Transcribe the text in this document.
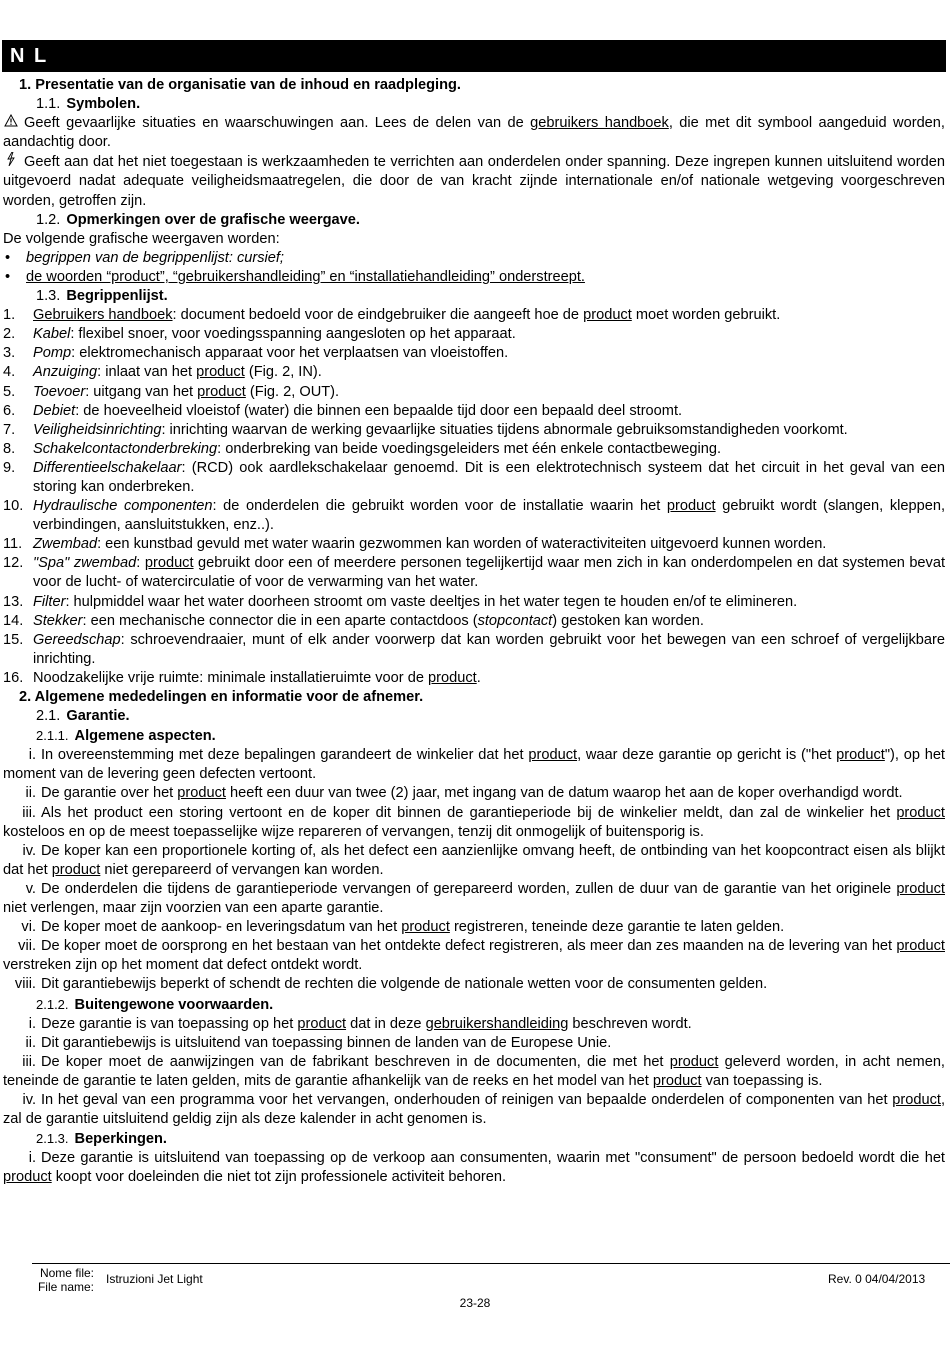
N L

1. Presentatie van de organisatie van de inhoud en raadpleging.

1.1. Symbolen.

Geeft gevaarlijke situaties en waarschuwingen aan. Lees de delen van de gebruikers handboek, die met dit symbool aangeduid worden, aandachtig door.

Geeft aan dat het niet toegestaan is werkzaamheden te verrichten aan onderdelen onder spanning. Deze ingrepen kunnen uitsluitend worden uitgevoerd nadat adequate veiligheidsmaatregelen, die door de van kracht zijnde internationale en/of nationale wetgeving voorgeschreven worden, getroffen zijn.

1.2. Opmerkingen over de grafische weergave.

De volgende grafische weergaven worden:

• begrippen van de begrippenlijst: cursief;

• de woorden “product”, “gebruikershandleiding” en “installatiehandleiding” onderstreept.

1.3. Begrippenlijst.

1.	Gebruikers handboek: document bedoeld voor de eindgebruiker die aangeeft hoe de product moet worden gebruikt.
2.	Kabel: flexibel snoer, voor voedingsspanning aangesloten op het apparaat.
3.	Pomp: elektromechanisch apparaat voor het verplaatsen van vloeistoffen.
4.	Anzuiging: inlaat van het product (Fig. 2, IN).
5.	Toevoer: uitgang van het product (Fig. 2, OUT).
6.	Debiet: de hoeveelheid vloeistof (water) die binnen een bepaalde tijd door een bepaald deel stroomt.
7.	Veiligheidsinrichting: inrichting waarvan de werking gevaarlijke situaties tijdens abnormale gebruiksomstandigheden voorkomt.
8.	Schakelcontactonderbreking: onderbreking van beide voedingsgeleiders met één enkele contactbeweging.
9.	Differentieelschakelaar: (RCD) ook aardlekschakelaar genoemd. Dit is een elektrotechnisch systeem dat het circuit in het geval van een storing kan onderbreken.
10. Hydraulische componenten: de onderdelen die gebruikt worden voor de installatie waarin het product gebruikt wordt (slangen, kleppen, verbindingen, aansluitstukken, enz..).
11. Zwembad: een kunstbad gevuld met water waarin gezwommen kan worden of wateractiviteiten uitgevoerd kunnen worden.
12. "Spa" zwembad: product gebruikt door een of meerdere personen tegelijkertijd waar men zich in kan onderdompelen en dat systemen bevat voor de lucht- of watercirculatie of voor de verwarming van het water.
13. Filter: hulpmiddel waar het water doorheen stroomt om vaste deeltjes in het water tegen te houden en/of te elimineren.
14. Stekker: een mechanische connector die in een aparte contactdoos (stopcontact) gestoken kan worden.
15. Gereedschap: schroevendraaier, munt of elk ander voorwerp dat kan worden gebruikt voor het bewegen van een schroef of vergelijkbare inrichting.
16. Noodzakelijke vrije ruimte: minimale installatieruimte voor de product.

2. Algemene mededelingen en informatie voor de afnemer.

2.1. Garantie.

2.1.1. Algemene aspecten.

i. In overeenstemming met deze bepalingen garandeert de winkelier dat het product, waar deze garantie op gericht is ("het product"), op het moment van de levering geen defecten vertoont.

ii. De garantie over het product heeft een duur van twee (2) jaar, met ingang van de datum waarop het aan de koper overhandigd wordt.

iii. Als het product een storing vertoont en de koper dit binnen de garantieperiode bij de winkelier meldt, dan zal de winkelier het product kosteloos en op de meest toepasselijke wijze repareren of vervangen, tenzij dit onmogelijk of buitensporig is.

iv. De koper kan een proportionele korting of, als het defect een aanzienlijke omvang heeft, de ontbinding van het koopcontract eisen als blijkt dat het product niet gerepareerd of vervangen kan worden.

v. De onderdelen die tijdens de garantieperiode vervangen of gerepareerd worden, zullen de duur van de garantie van het originele product niet verlengen, maar zijn voorzien van een aparte garantie.

vi. De koper moet de aankoop- en leveringsdatum van het product registreren, teneinde deze garantie te laten gelden.

vii. De koper moet de oorsprong en het bestaan van het ontdekte defect registreren, als meer dan zes maanden na de levering van het product verstreken zijn op het moment dat defect ontdekt wordt.

viii. Dit garantiebewijs beperkt of schendt de rechten die volgende de nationale wetten voor de consumenten gelden.

2.1.2. Buitengewone voorwaarden.

i. Deze garantie is van toepassing op het product dat in deze gebruikershandleiding beschreven wordt.

ii. Dit garantiebewijs is uitsluitend van toepassing binnen de landen van de Europese Unie.

iii. De koper moet de aanwijzingen van de fabrikant beschreven in de documenten, die met het product geleverd worden, in acht nemen, teneinde de garantie te laten gelden, mits de garantie afhankelijk van de reeks en het model van het product van toepassing is.

iv. In het geval van een programma voor het vervangen, onderhouden of reinigen van bepaalde onderdelen of componenten van het product, zal de garantie uitsluitend geldig zijn als deze kalender in acht genomen is.

2.1.3. Beperkingen.

i. Deze garantie is uitsluitend van toepassing op de verkoop aan consumenten, waarin met "consument" de persoon bedoeld wordt die het product koopt voor doeleinden die niet tot zijn professionele activiteit behoren.

Nome file:
File name:
Istruzioni Jet Light	Rev. 0 04/04/2013
23-28
